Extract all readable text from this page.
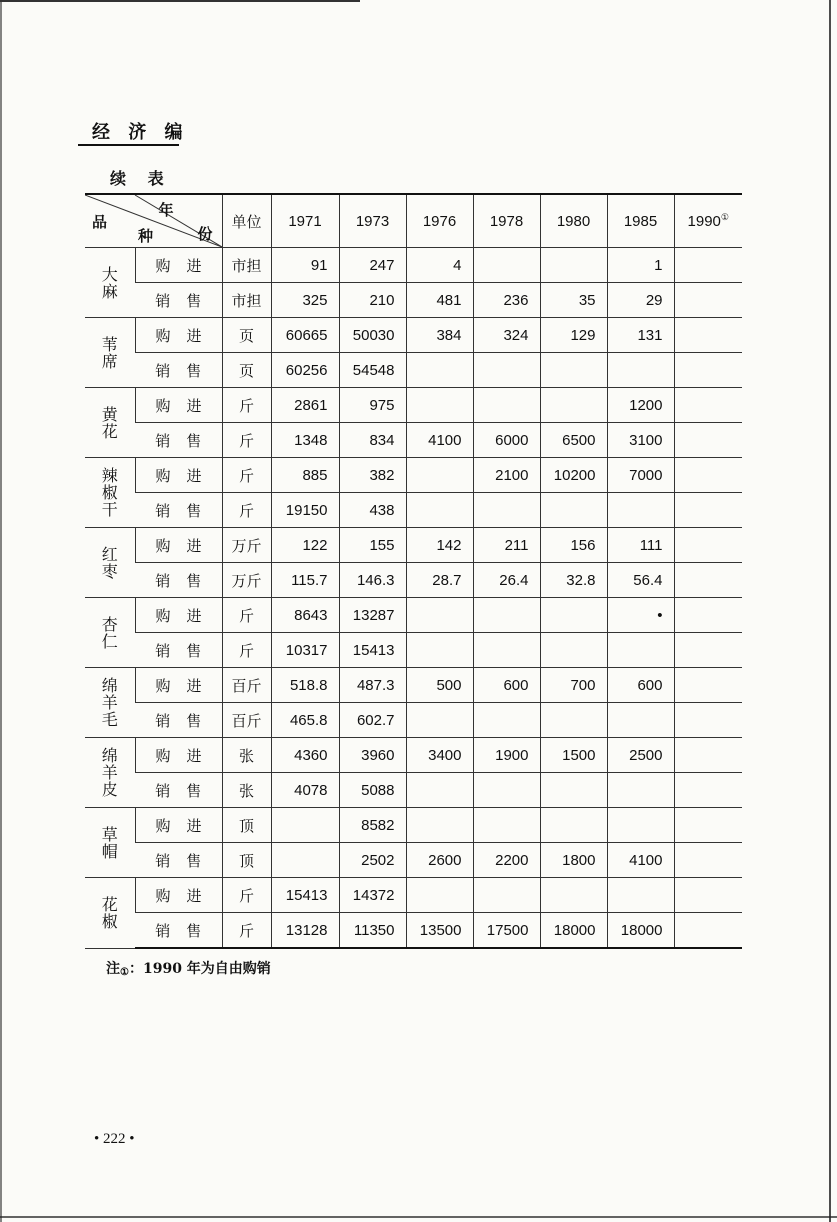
经 济 编
续 表
品
年
种 份		单位	1971	1973	1976	1978	1980	1985	1990①
大麻	购进	市担	91	247	4			1	
	销售	市担	325	210	481	236	35	29	
苇席	购进	页	60665	50030	384	324	129	131	
	销售	页	60256	54548					
黄花	购进	斤	2861	975				1200	
	销售	斤	1348	834	4100	6000	6500	3100	
辣椒干	购进	斤	885	382		2100	10200	7000	
	销售	斤	19150	438					
红枣	购进	万斤	122	155	142	211	156	111	
	销售	万斤	115.7	146.3	28.7	26.4	32.8	56.4	
杏仁	购进	斤	8643	13287				•	
	销售	斤	10317	15413					
绵羊毛	购进	百斤	518.8	487.3	500	600	700	600	
	销售	百斤	465.8	602.7					
绵羊皮	购进	张	4360	3960	3400	1900	1500	2500	
	销售	张	4078	5088					
草帽	购进	顶		8582					
	销售	顶		2502	2600	2200	1800	4100	
花椒	购进	斤	15413	14372					
	销售	斤	13128	11350	13500	17500	18000	18000	
注①：1990 年为自由购销
• 222 •
